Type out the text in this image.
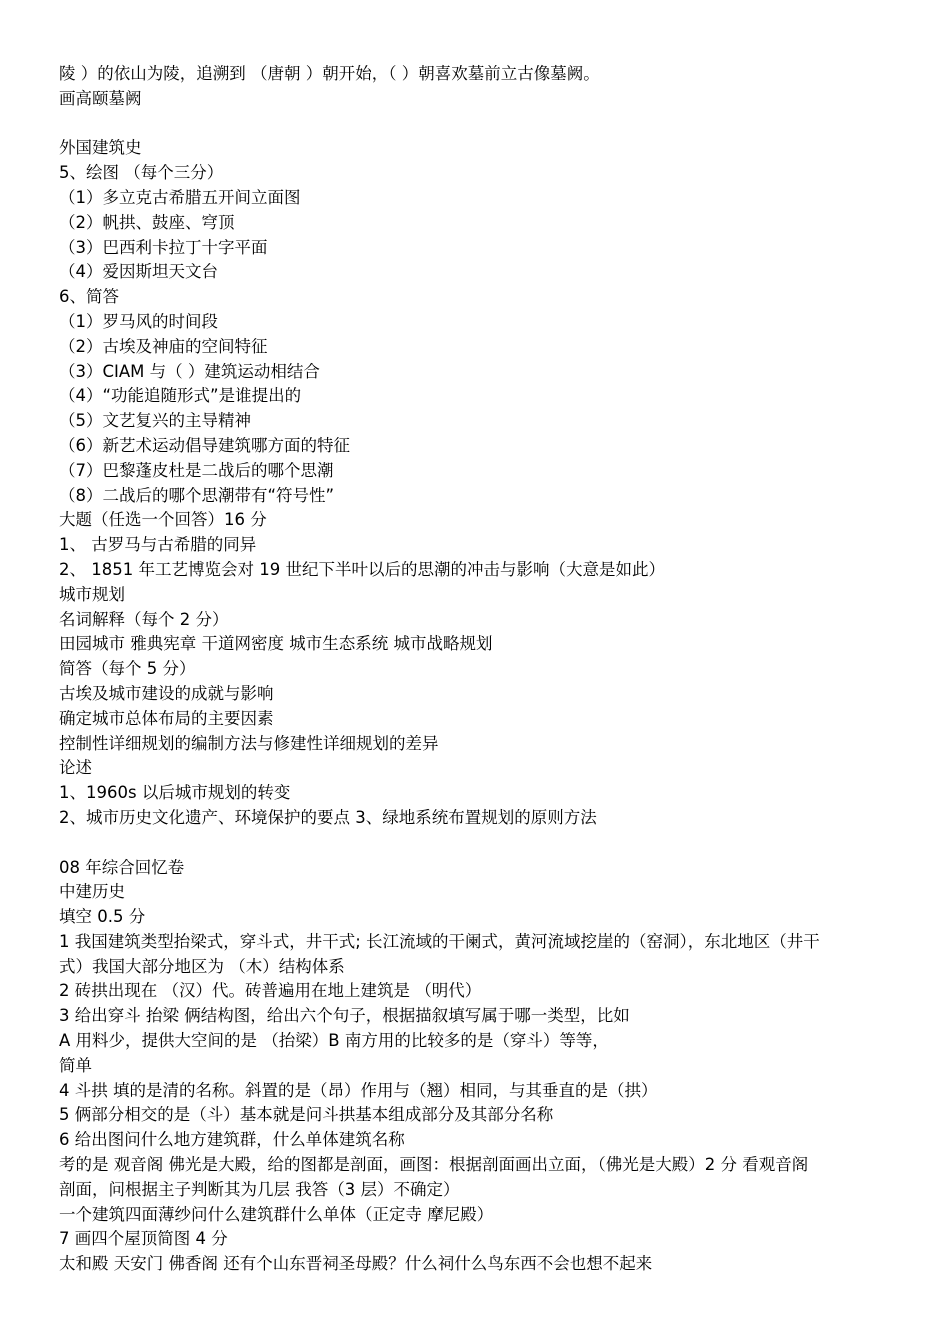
陵 ）的依山为陵，追溯到 （唐朝 ）朝开始，（ ）朝喜欢墓前立古像墓阙。
画高颐墓阙
外国建筑史
5、绘图 （每个三分）
（1）多立克古希腊五开间立面图
（2）帆拱、鼓座、穹顶
（3）巴西利卡拉丁十字平面
（4）爱因斯坦天文台
6、简答
（1）罗马风的时间段
（2）古埃及神庙的空间特征
（3）CIAM 与（ ）建筑运动相结合
（4）“功能追随形式”是谁提出的
（5）文艺复兴的主导精神
（6）新艺术运动倡导建筑哪方面的特征
（7）巴黎蓬皮杜是二战后的哪个思潮
（8）二战后的哪个思潮带有“符号性”
大题（任选一个回答）16 分
1、 古罗马与古希腊的同异
2、 1851 年工艺博览会对 19 世纪下半叶以后的思潮的冲击与影响（大意是如此）
城市规划
名词解释（每个 2 分）
田园城市 雅典宪章 干道网密度 城市生态系统 城市战略规划
简答（每个 5 分）
古埃及城市建设的成就与影响
确定城市总体布局的主要因素
控制性详细规划的编制方法与修建性详细规划的差异
论述
1、1960s 以后城市规划的转变
2、城市历史文化遗产、环境保护的要点 3、绿地系统布置规划的原则方法
08 年综合回忆卷
中建历史
填空 0.5 分
1 我国建筑类型抬梁式，穿斗式，井干式; 长江流域的干阑式，黄河流域挖崖的（窑洞），东北地区（井干
式）我国大部分地区为 （木）结构体系
2 砖拱出现在 （汉）代。砖普遍用在地上建筑是 （明代）
3 给出穿斗 抬梁 俩结构图，给出六个句子，根据描叙填写属于哪一类型，比如
A 用料少，提供大空间的是 （抬梁）B 南方用的比较多的是（穿斗）等等，
简单
4 斗拱 填的是清的名称。斜置的是（昂）作用与（翘）相同，与其垂直的是（拱）
5 俩部分相交的是（斗）基本就是问斗拱基本组成部分及其部分名称
6 给出图问什么地方建筑群，什么单体建筑名称
考的是 观音阁 佛光是大殿，给的图都是剖面，画图：根据剖面画出立面，（佛光是大殿）2 分 看观音阁
剖面，问根据主子判断其为几层 我答（3 层）不确定）
一个建筑四面薄纱问什么建筑群什么单体（正定寺 摩尼殿）
7 画四个屋顶简图 4 分
太和殿 天安门 佛香阁 还有个山东晋祠圣母殿？什么祠什么鸟东西不会也想不起来
